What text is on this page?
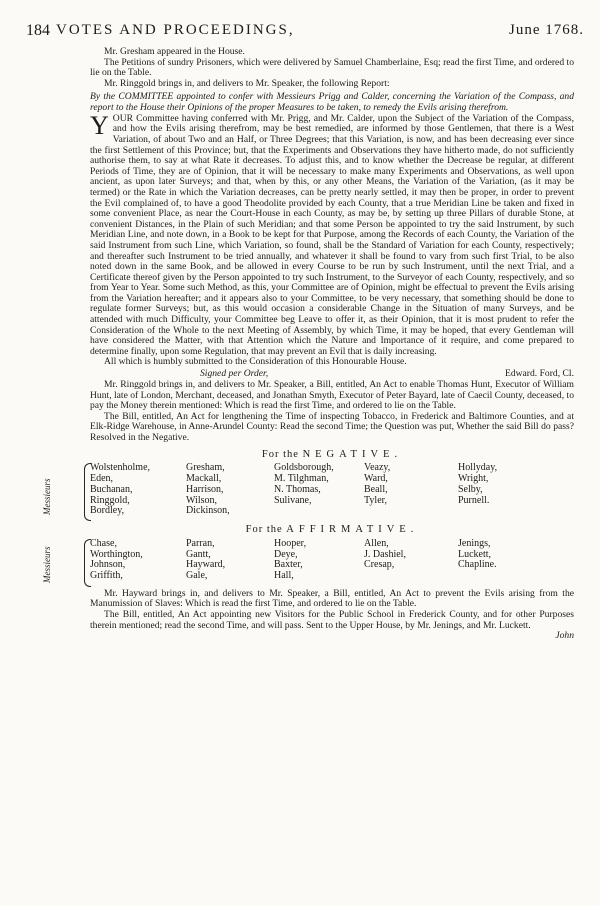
184 VOTES AND PROCEEDINGS,	June 1768.

Mr. Gresham appeared in the House.

The Petitions of sundry Prisoners, which were delivered by Samuel Chamberlaine, Esq; read the first Time, and ordered to lie on the Table.

Mr. Ringgold brings in, and delivers to Mr. Speaker, the following Report:

By the COMMITTEE appointed to confer with Messieurs Prigg and Calder, concerning the Variation of the Compass, and report to the House their Opinions of the proper Measures to be taken, to remedy the Evils arising therefrom.

YOUR Committee having conferred with Mr. Prigg, and Mr. Calder, upon the Subject of the Variation of the Compass, and how the Evils arising therefrom, may be best remedied, are informed by those Gentlemen, that there is a West Variation, of about Two and an Half, or Three Degrees; that this Variation, is now, and has been decreasing ever since the first Settlement of this Province; but, that the Experiments and Observations they have hitherto made, do not sufficiently authorise them, to say at what Rate it decreases. To adjust this, and to know whether the Decrease be regular, at different Periods of Time, they are of Opinion, that it will be necessary to make many Experiments and Observations, as well upon ancient, as upon later Surveys; and that, when by this, or any other Means, the Variation of the Variation, (as it may be termed) or the Rate in which the Variation decreases, can be pretty nearly settled, it may then be proper, in order to prevent the Evil complained of, to have a good Theodolite provided by each County, that a true Meridian Line be taken and fixed in some convenient Place, as near the Court-House in each County, as may be, by setting up three Pillars of durable Stone, at convenient Distances, in the Plain of such Meridian; and that some Person be appointed to try the said Instrument, by such Meridian Line, and note down, in a Book to be kept for that Purpose, among the Records of each County, the Variation of the said Instrument from such Line, which Variation, so found, shall be the Standard of Variation for each County, respectively; and thereafter such Instrument to be tried annually, and whatever it shall be found to vary from such first Trial, to be also noted down in the same Book, and be allowed in every Course to be run by such Instrument, until the next Trial, and a Certificate thereof given by the Person appointed to try such Instrument, to the Surveyor of each County, respectively, and so from Year to Year. Some such Method, as this, your Committee are of Opinion, might be effectual to prevent the Evils arising from the Variation hereafter; and it appears also to your Committee, to be very necessary, that something should be done to regulate former Surveys; but, as this would occasion a considerable Change in the Situation of many Surveys, and be attended with much Difficulty, your Committee beg Leave to offer it, as their Opinion, that it is most prudent to refer the Consideration of the Whole to the next Meeting of Assembly, by which Time, it may be hoped, that every Gentleman will have considered the Matter, with that Attention which the Nature and Importance of it require, and come prepared to determine finally, upon some Regulation, that may prevent an Evil that is daily increasing.

All which is humbly submitted to the Consideration of this Honourable House.

Signed per Order,	Edward. Ford, Cl.

Mr. Ringgold brings in, and delivers to Mr. Speaker, a Bill, entitled, An Act to enable Thomas Hunt, Executor of William Hunt, late of London, Merchant, deceased, and Jonathan Smyth, Executor of Peter Bayard, late of Caecil County, deceased, to pay the Money therein mentioned: Which is read the first Time, and ordered to lie on the Table.

The Bill, entitled, An Act for lengthening the Time of inspecting Tobacco, in Frederick and Baltimore Counties, and at Elk-Ridge Warehouse, in Anne-Arundel County: Read the second Time; the Question was put, Whether the said Bill do pass? Resolved in the Negative.

For the NEGATIVE.

Messieurs
Wolstenholme,
Eden,
Buchanan,
Ringgold,
Bordley,
Gresham,
Mackall,
Harrison,
Wilson,
Dickinson,
Goldsborough,
M. Tilghman,
N. Thomas,
Sulivane,
Veazy,
Ward,
Beall,
Tyler,
Hollyday,
Wright,
Selby,
Purnell.

For the AFFIRMATIVE.

Messieurs
Chase,
Worthington,
Johnson,
Griffith,
Parran,
Gantt,
Hayward,
Gale,
Hooper,
Deye,
Baxter,
Hall,
Allen,
J. Dashiel,
Cresap,
Jenings,
Luckett,
Chapline.

Mr. Hayward brings in, and delivers to Mr. Speaker, a Bill, entitled, An Act to prevent the Evils arising from the Manumission of Slaves: Which is read the first Time, and ordered to lie on the Table.

The Bill, entitled, An Act appointing new Visitors for the Public School in Frederick County, and for other Purposes therein mentioned; read the second Time, and will pass. Sent to the Upper House, by Mr. Jenings, and Mr. Luckett.

John
